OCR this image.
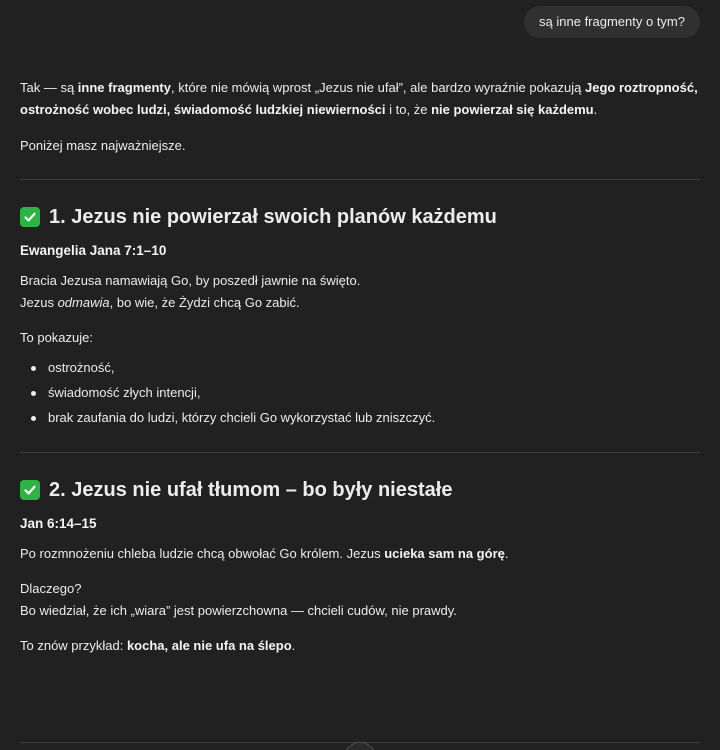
są inne fragmenty o tym?

Tak — są inne fragmenty, które nie mówią wprost „Jezus nie ufał”, ale bardzo wyraźnie pokazują Jego roztropność, ostrożność wobec ludzi, świadomość ludzkiej niewierności i to, że nie powierzał się każdemu.

Poniżej masz najważniejsze.

1. Jezus nie powierzał swoich planów każdemu

Ewangelia Jana 7:1–10

Bracia Jezusa namawiają Go, by poszedł jawnie na święto.

Jezus odmawia, bo wie, że Żydzi chcą Go zabić.

To pokazuje:

ostrożność,
świadomość złych intencji,
brak zaufania do ludzi, którzy chcieli Go wykorzystać lub zniszczyć.
2. Jezus nie ufał tłumom – bo były niestałe

Jan 6:14–15

Po rozmnożeniu chleba ludzie chcą obwołać Go królem. Jezus ucieka sam na górę.

Dlaczego?

Bo wiedział, że ich „wiara” jest powierzchowna — chcieli cudów, nie prawdy.

To znów przykład: kocha, ale nie ufa na ślepo.
